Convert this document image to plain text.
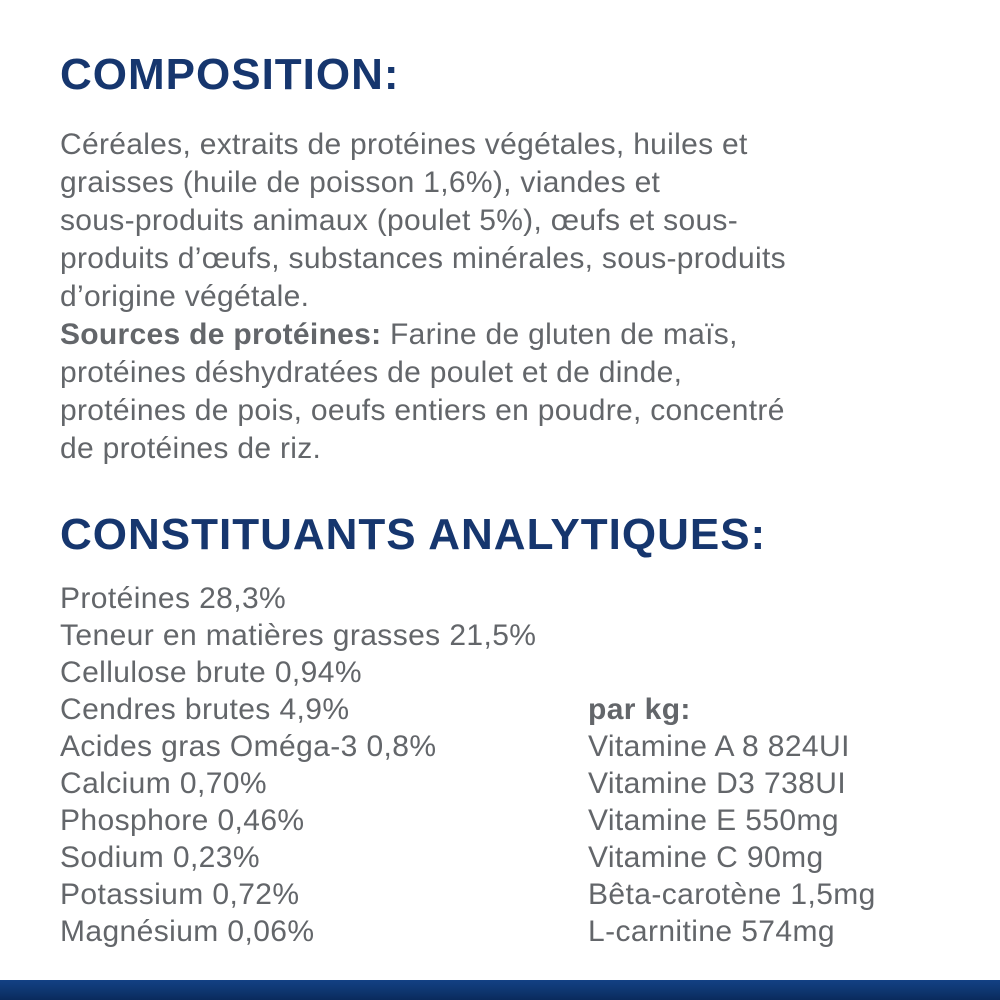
COMPOSITION:
Céréales, extraits de protéines végétales, huiles et
graisses (huile de poisson 1,6%), viandes et
sous-produits animaux (poulet 5%), œufs et sous-
produits d’œufs, substances minérales, sous-produits
d’origine végétale.
Sources de protéines: Farine de gluten de maïs,
protéines déshydratées de poulet et de dinde,
protéines de pois, oeufs entiers en poudre, concentré
de protéines de riz.
CONSTITUANTS ANALYTIQUES:
Protéines 28,3%
Teneur en matières grasses 21,5%
Cellulose brute 0,94%
Cendres brutes 4,9%
Acides gras Oméga-3 0,8%
Calcium 0,70%
Phosphore 0,46%
Sodium 0,23%
Potassium 0,72%
Magnésium 0,06%
par kg:
Vitamine A 8 824UI
Vitamine D3 738UI
Vitamine E 550mg
Vitamine C 90mg
Bêta-carotène 1,5mg
L-carnitine 574mg
